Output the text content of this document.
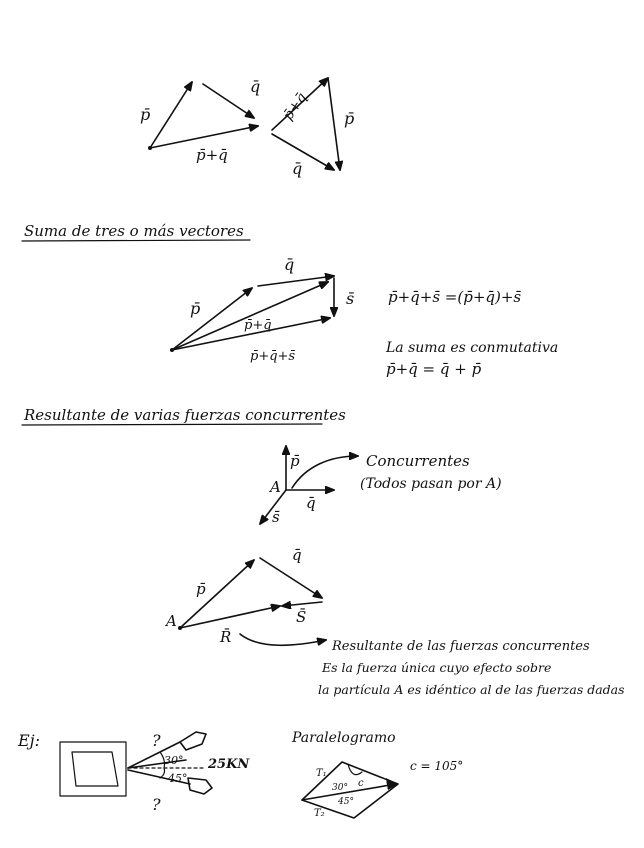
p̄
q̄
p̄+q̄
p̄+q̄ p̄
q̄
Suma de tres o más vectores
q̄
p̄
s̄
p̄+q̄
p̄+q̄+s̄
p̄+q̄+s̄ =(p̄+q̄)+s̄
La suma es conmutativa
p̄+q̄ = q̄ + p̄
Resultante de varias fuerzas concurrentes
p̄
A
q̄
s̄
Concurrentes
(Todos pasan por A)
q̄
p̄
A	S̄
R̄
Resultante de las fuerzas concurrentes
Es la fuerza única cuyo efecto sobre
la partícula A es idéntico al de las fuerzas dadas
Ej:	?
?
30°
45°
25KN
Paralelogramo
c = 105°
T₁
T₂
c
30°
45°
